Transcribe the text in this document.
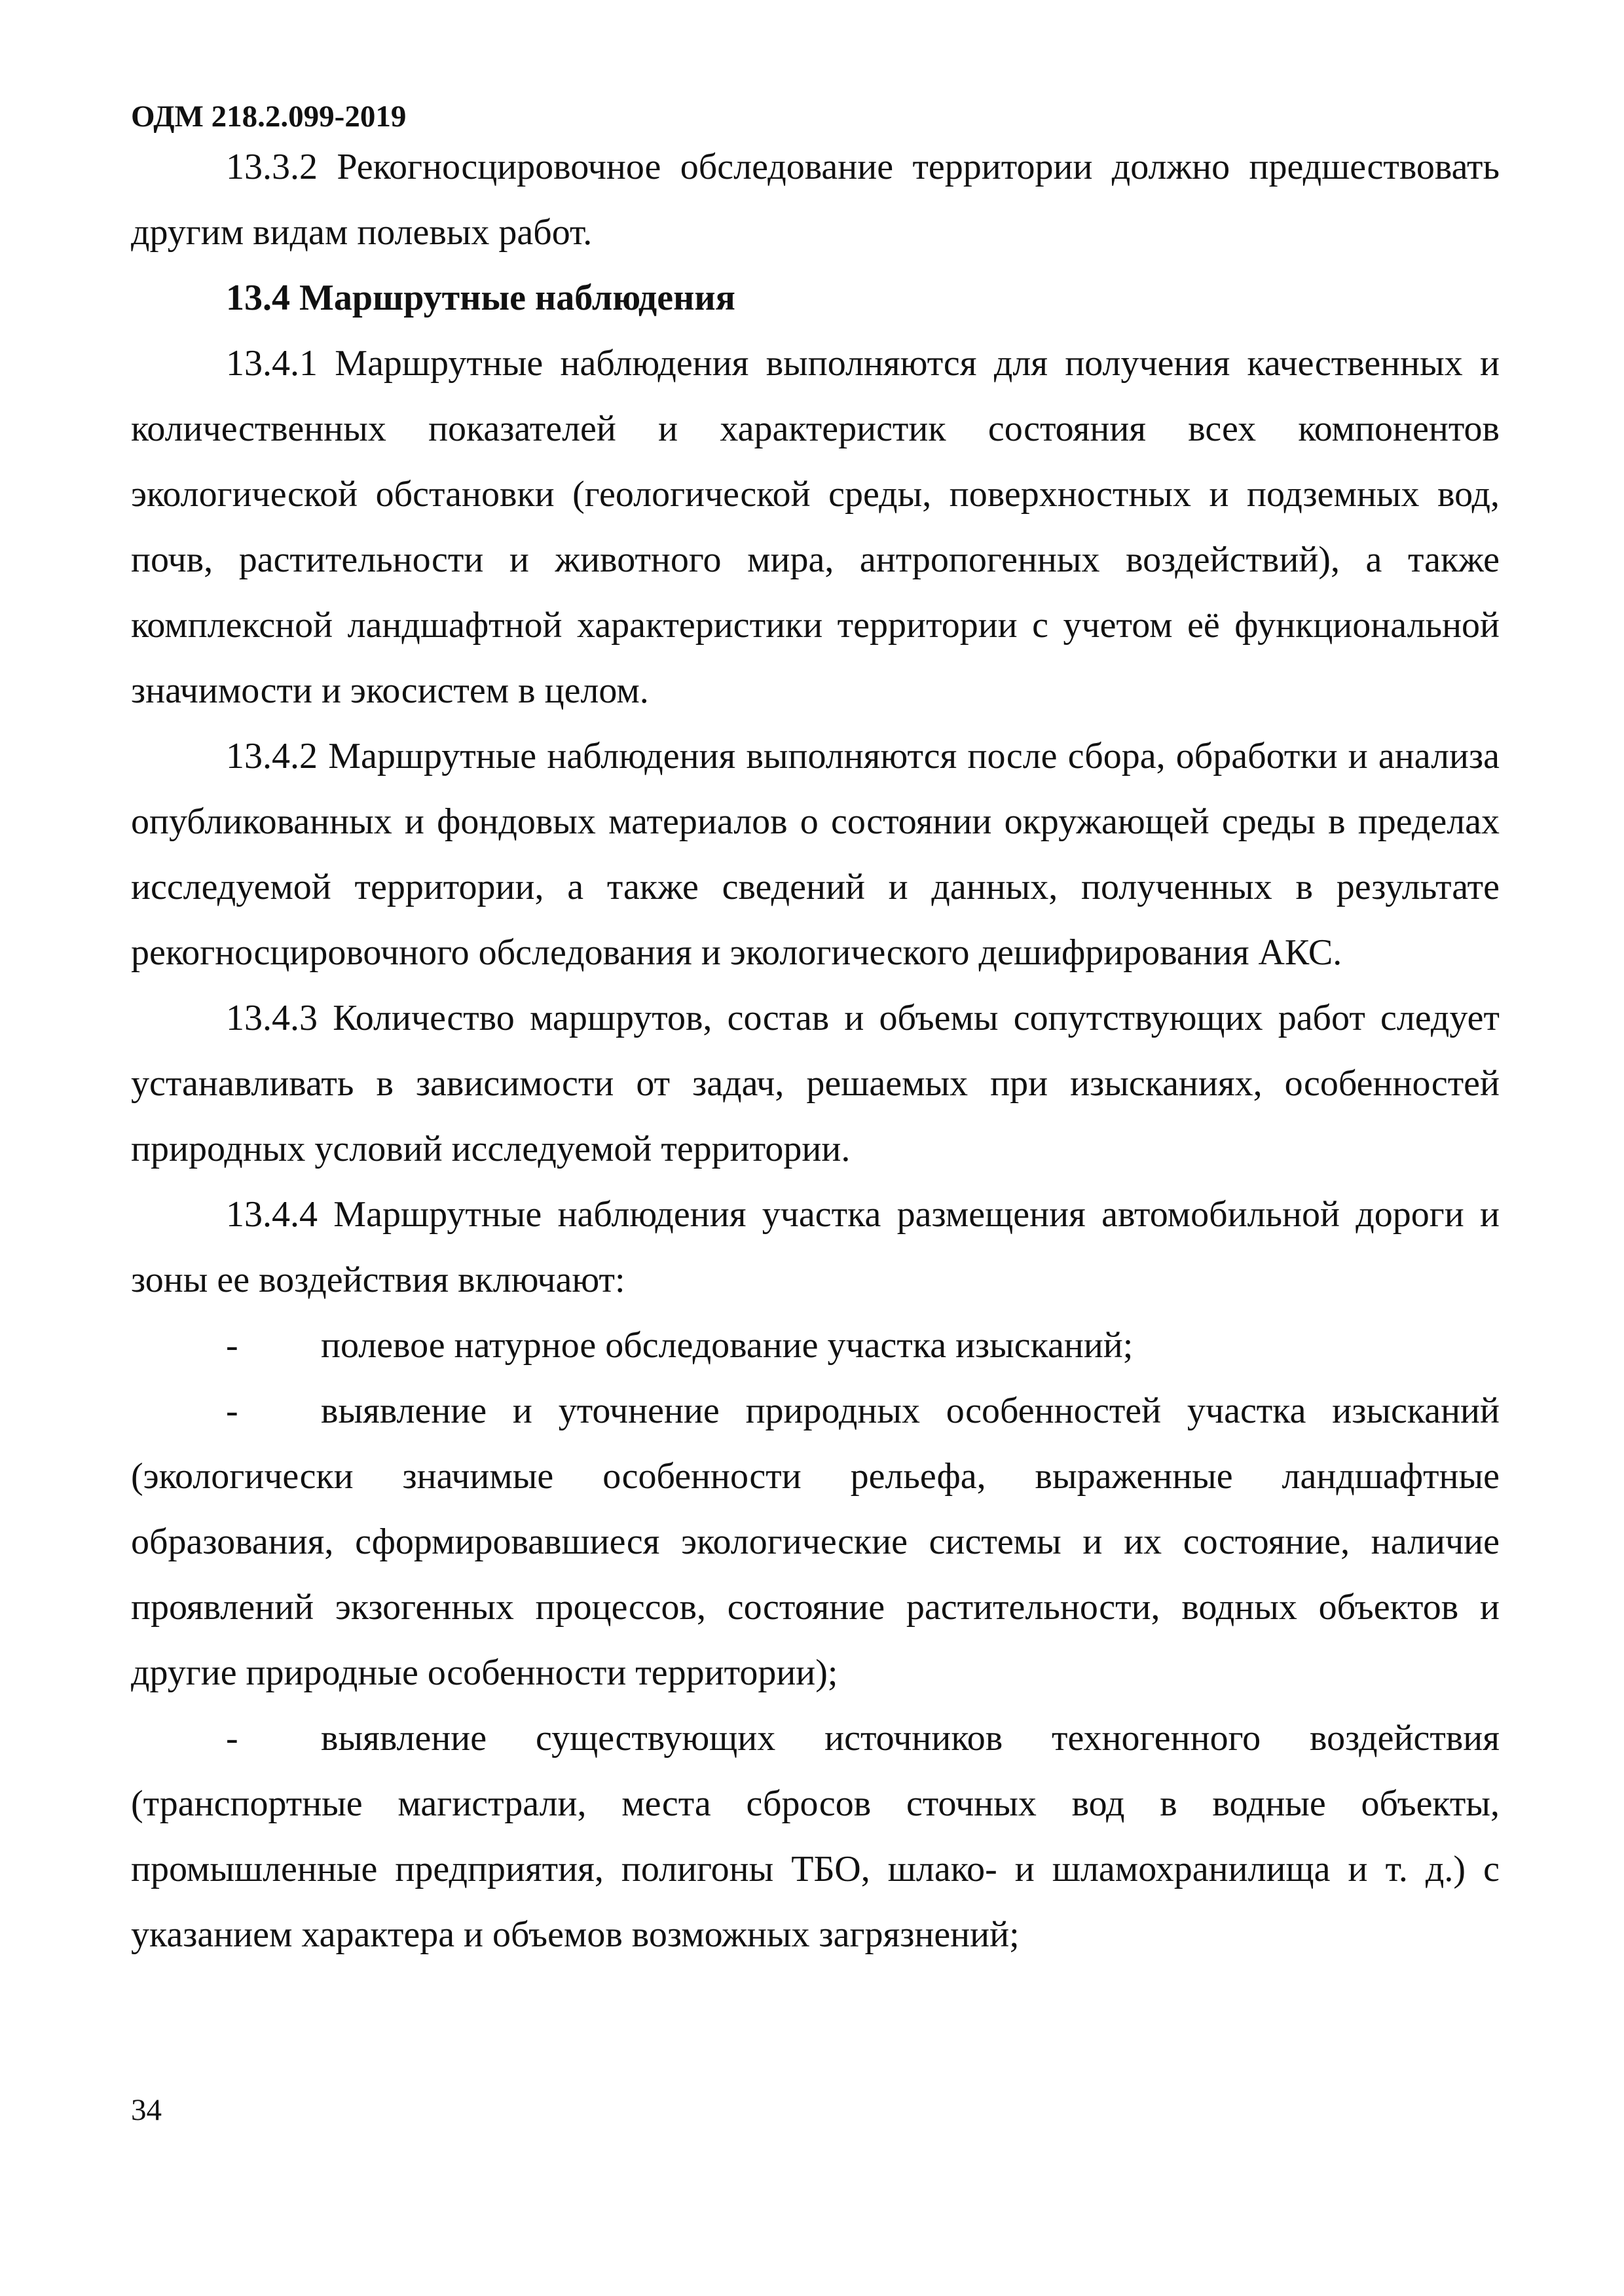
ОДМ 218.2.099-2019

13.3.2 Рекогносцировочное обследование территории должно предшествовать другим видам полевых работ.

13.4 Маршрутные наблюдения

13.4.1 Маршрутные наблюдения выполняются для получения качественных и количественных показателей и характеристик состояния всех компонентов экологической обстановки (геологической среды, поверхностных и подземных вод, почв, растительности и животного мира, антропогенных воздействий), а также комплексной ландшафтной характеристики территории с учетом её функциональной значимости и экосистем в целом.

13.4.2 Маршрутные наблюдения выполняются после сбора, обработки и анализа опубликованных и фондовых материалов о состоянии окружающей среды в пределах исследуемой территории, а также сведений и данных, полученных в результате рекогносцировочного обследования и экологического дешифрирования АКС.

13.4.3 Количество маршрутов, состав и объемы сопутствующих работ следует устанавливать в зависимости от задач, решаемых при изысканиях, особенностей природных условий исследуемой территории.

13.4.4 Маршрутные наблюдения участка размещения автомобильной дороги и зоны ее воздействия включают:

- полевое натурное обследование участка изысканий;

- выявление и уточнение природных особенностей участка изысканий (экологически значимые особенности рельефа, выраженные ландшафтные образования, сформировавшиеся экологические системы и их состояние, наличие проявлений экзогенных процессов, состояние растительности, водных объектов и другие природные особенности территории);

- выявление существующих источников техногенного воздействия (транспортные магистрали, места сбросов сточных вод в водные объекты, промышленные предприятия, полигоны ТБО, шлако- и шламохранилища и т. д.) с указанием характера и объемов возможных загрязнений;

34
